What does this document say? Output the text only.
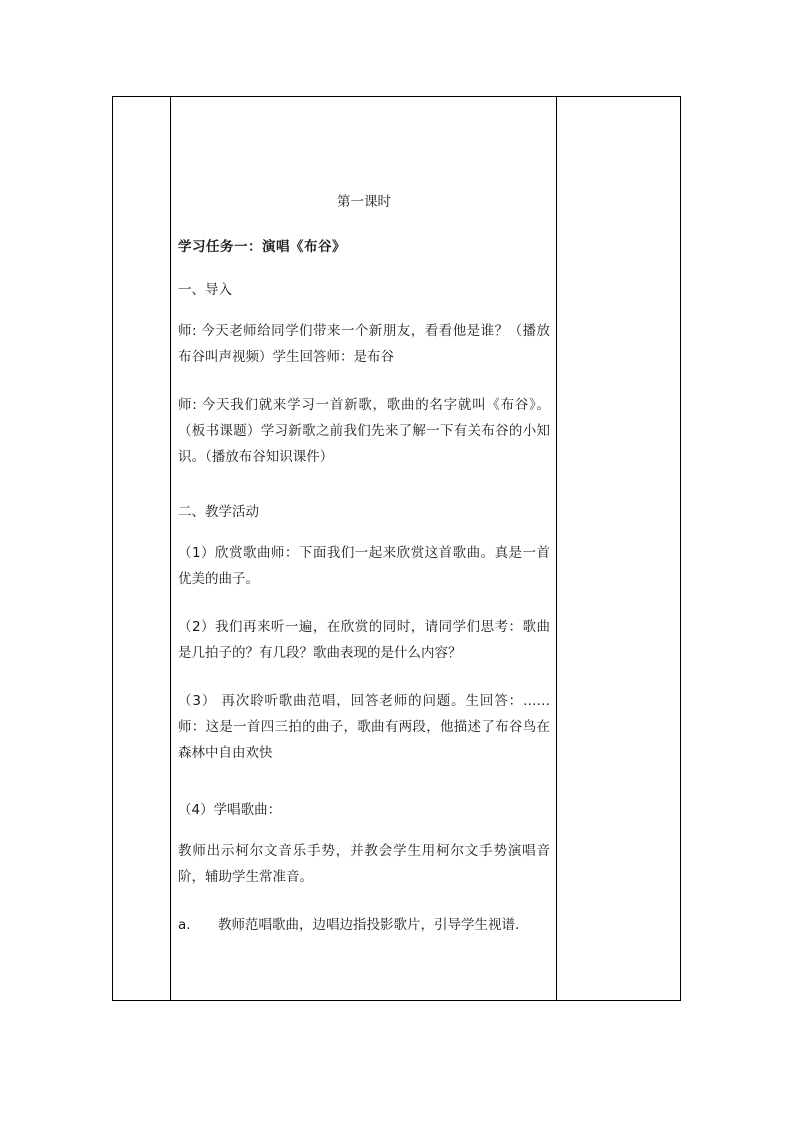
第一课时

学习任务一：演唱《布谷》

一、导入

师: 今天老师给同学们带来一个新朋友，看看他是谁？（播放布谷叫声视频）学生回答师：是布谷

师: 今天我们就来学习一首新歌，歌曲的名字就叫《布谷》。（板书课题）学习新歌之前我们先来了解一下有关布谷的小知识。（播放布谷知识课件）

二、教学活动

（1）欣赏歌曲师：下面我们一起来欣赏这首歌曲。真是一首优美的曲子。

（2）我们再来听一遍，在欣赏的同时，请同学们思考：歌曲是几拍子的？有几段？歌曲表现的是什么内容？

（3） 再次聆听歌曲范唱，回答老师的问题。生回答：……师：这是一首四三拍的曲子，歌曲有两段，他描述了布谷鸟在森林中自由欢快

（4）学唱歌曲：

教师出示柯尔文音乐手势，并教会学生用柯尔文手势演唱音阶，辅助学生常准音。

a. 教师范唱歌曲，边唱边指投影歌片，引导学生视谱.
